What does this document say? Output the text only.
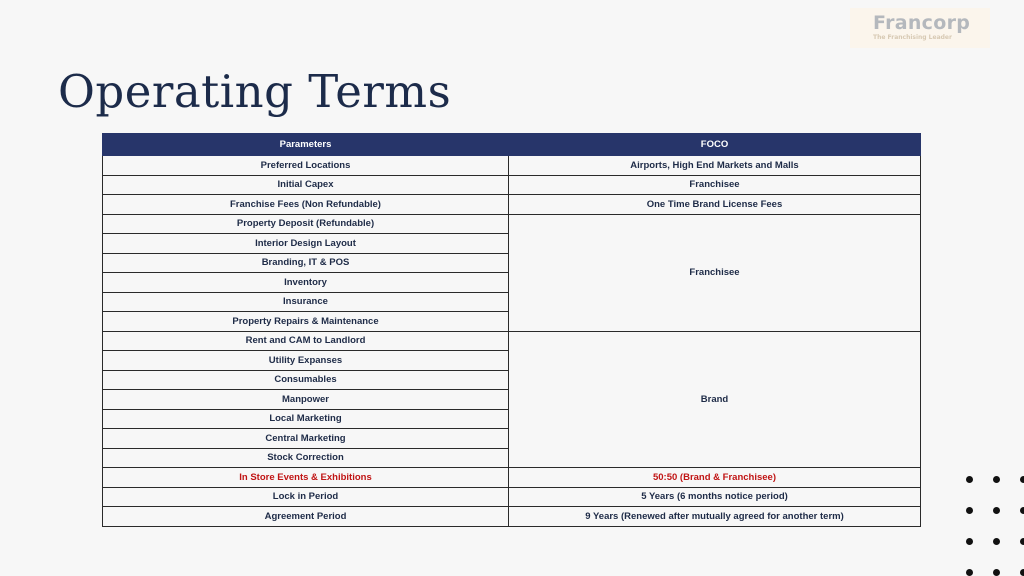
Francorp
The Franchising Leader
Operating Terms
Parameters	FOCO
Preferred Locations	Airports, High End Markets and Malls
Initial Capex	Franchisee
Franchise Fees (Non Refundable)	One Time Brand License Fees
Property Deposit (Refundable)	Franchisee
Interior Design Layout	
Branding, IT & POS	
Inventory	
Insurance	
Property Repairs & Maintenance	
Rent and CAM to Landlord	Brand
Utility Expanses	
Consumables	
Manpower	
Local Marketing	
Central Marketing	
Stock Correction	
In Store Events & Exhibitions	50:50 (Brand & Franchisee)
Lock in Period	5 Years (6 months notice period)
Agreement Period	9 Years (Renewed after mutually agreed for another term)
